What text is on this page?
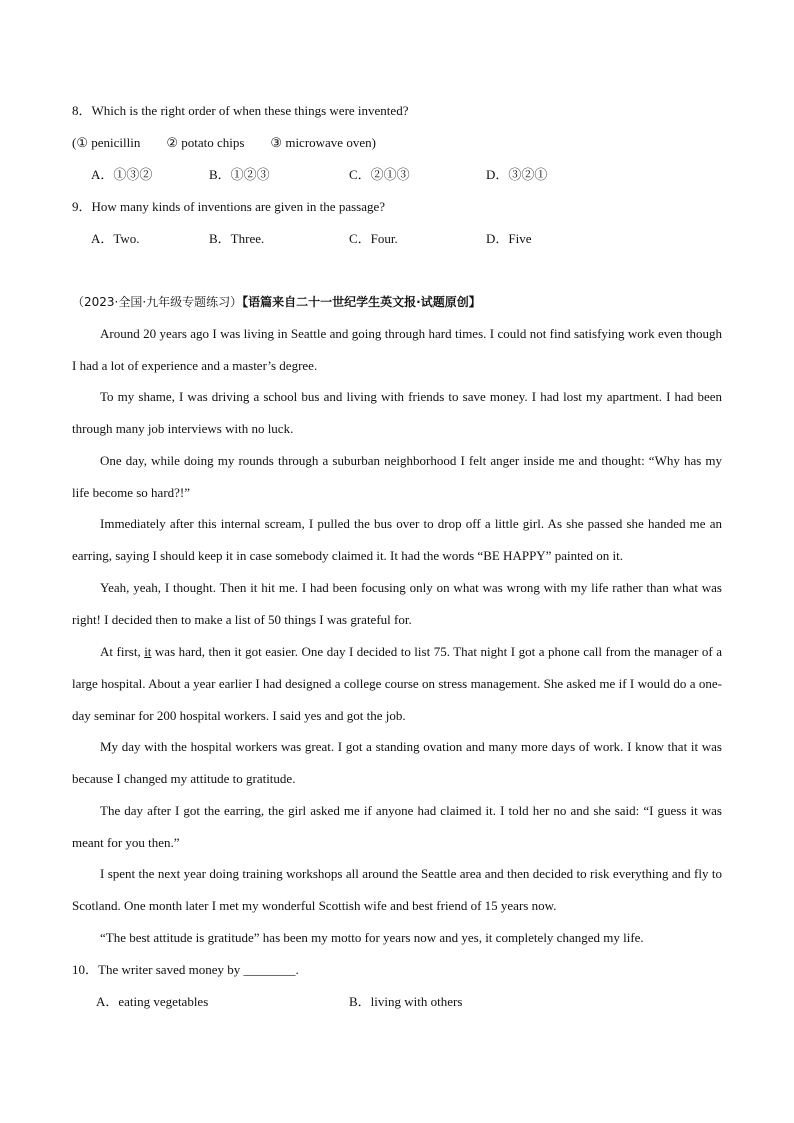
8．Which is the right order of when these things were invented?
(① penicillin　　② potato chips　　③ microwave oven)
A．①③②	B．①②③	C．②①③	D．③②①
9．How many kinds of inventions are given in the passage?
A．Two.	B．Three.	C．Four.	D．Five
（2023·全国·九年级专题练习）【语篇来自二十一世纪学生英文报·试题原创】
Around 20 years ago I was living in Seattle and going through hard times. I could not find satisfying work even though I had a lot of experience and a master’s degree.
To my shame, I was driving a school bus and living with friends to save money. I had lost my apartment. I had been through many job interviews with no luck.
One day, while doing my rounds through a suburban neighborhood I felt anger inside me and thought: “Why has my life become so hard?!”
Immediately after this internal scream, I pulled the bus over to drop off a little girl. As she passed she handed me an earring, saying I should keep it in case somebody claimed it. It had the words “BE HAPPY” painted on it.
Yeah, yeah, I thought. Then it hit me. I had been focusing only on what was wrong with my life rather than what was right! I decided then to make a list of 50 things I was grateful for.
At first, it was hard, then it got easier. One day I decided to list 75. That night I got a phone call from the manager of a large hospital. About a year earlier I had designed a college course on stress management. She asked me if I would do a one-day seminar for 200 hospital workers. I said yes and got the job.
My day with the hospital workers was great. I got a standing ovation and many more days of work. I know that it was because I changed my attitude to gratitude.
The day after I got the earring, the girl asked me if anyone had claimed it. I told her no and she said: “I guess it was meant for you then.”
I spent the next year doing training workshops all around the Seattle area and then decided to risk everything and fly to Scotland. One month later I met my wonderful Scottish wife and best friend of 15 years now.
“The best attitude is gratitude” has been my motto for years now and yes, it completely changed my life.
10．The writer saved money by ________.
A．eating vegetables	B．living with others
